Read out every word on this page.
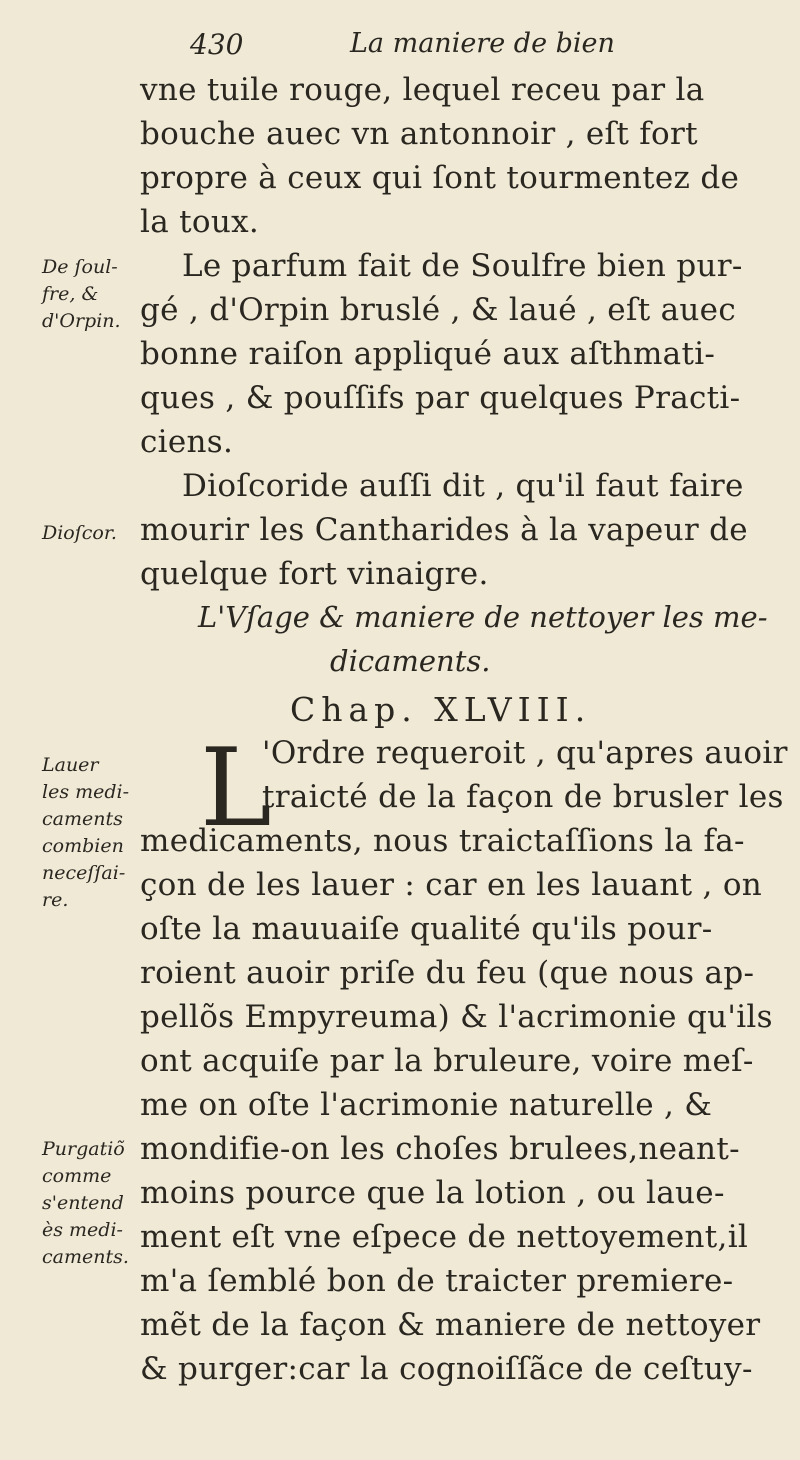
430	La maniere de bien
vne tuile rouge, lequel receu par la
bouche auec vn antonnoir , eſt fort
propre à ceux qui ſont tourmentez de
la toux.
Le parfum fait de Soulfre bien pur-
gé , d'Orpin bruslé , & laué , eſt auec
bonne raiſon appliqué aux aſthmati-
ques , & pouſſifs par quelques Practi-
ciens.
Dioſcoride auſſi dit , qu'il faut faire
mourir les Cantharides à la vapeur de
quelque fort vinaigre.
L'Vſage & maniere de nettoyer les me-
dicaments.
Chap. XLVIII.
L
'Ordre requeroit , qu'apres auoir
traicté de la façon de brusler les
medicaments, nous traictaſſions la fa-
çon de les lauer : car en les lauant , on
oſte la mauuaiſe qualité qu'ils pour-
roient auoir priſe du feu (que nous ap-
pellõs Empyreuma) & l'acrimonie qu'ils
ont acquiſe par la bruleure, voire meſ-
me on oſte l'acrimonie naturelle , &
mondifie-on les choſes brulees,neant-
moins pource que la lotion , ou laue-
ment eſt vne eſpece de nettoyement,il
m'a ſemblé bon de traicter premiere-
mẽt de la façon & maniere de nettoyer
& purger:car la cognoiſſãce de ceſtuy-
De ſoul-
fre, &
d'Orpin.
Dioſcor.
Lauer
les medi-
caments
combien
neceſſai-
re.
Purgatiõ
comme
s'entend
ès medi-
caments.
